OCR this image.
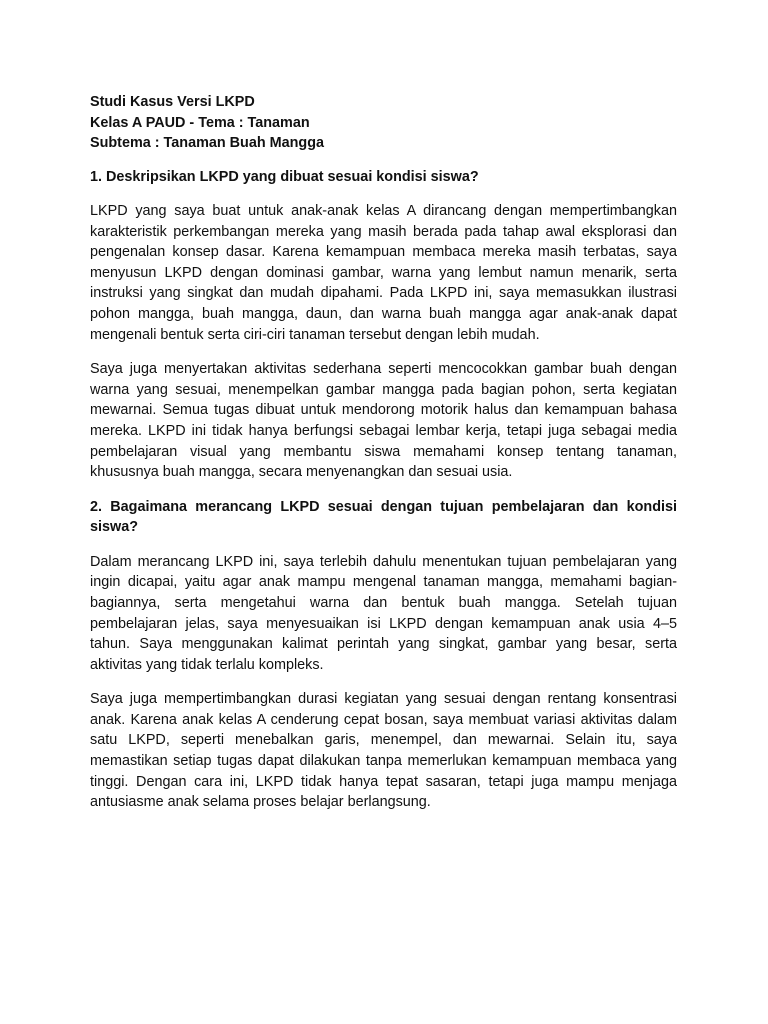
Studi Kasus Versi LKPD

Kelas A PAUD - Tema : Tanaman

Subtema : Tanaman Buah Mangga

1. Deskripsikan LKPD yang dibuat sesuai kondisi siswa?

LKPD yang saya buat untuk anak-anak kelas A dirancang dengan mempertimbangkan karakteristik perkembangan mereka yang masih berada pada tahap awal eksplorasi dan pengenalan konsep dasar. Karena kemampuan membaca mereka masih terbatas, saya menyusun LKPD dengan dominasi gambar, warna yang lembut namun menarik, serta instruksi yang singkat dan mudah dipahami. Pada LKPD ini, saya memasukkan ilustrasi pohon mangga, buah mangga, daun, dan warna buah mangga agar anak-anak dapat mengenali bentuk serta ciri-ciri tanaman tersebut dengan lebih mudah.

Saya juga menyertakan aktivitas sederhana seperti mencocokkan gambar buah dengan warna yang sesuai, menempelkan gambar mangga pada bagian pohon, serta kegiatan mewarnai. Semua tugas dibuat untuk mendorong motorik halus dan kemampuan bahasa mereka. LKPD ini tidak hanya berfungsi sebagai lembar kerja, tetapi juga sebagai media pembelajaran visual yang membantu siswa memahami konsep tentang tanaman, khususnya buah mangga, secara menyenangkan dan sesuai usia.

2. Bagaimana merancang LKPD sesuai dengan tujuan pembelajaran dan kondisi siswa?

Dalam merancang LKPD ini, saya terlebih dahulu menentukan tujuan pembelajaran yang ingin dicapai, yaitu agar anak mampu mengenal tanaman mangga, memahami bagian-bagiannya, serta mengetahui warna dan bentuk buah mangga. Setelah tujuan pembelajaran jelas, saya menyesuaikan isi LKPD dengan kemampuan anak usia 4–5 tahun. Saya menggunakan kalimat perintah yang singkat, gambar yang besar, serta aktivitas yang tidak terlalu kompleks.

Saya juga mempertimbangkan durasi kegiatan yang sesuai dengan rentang konsentrasi anak. Karena anak kelas A cenderung cepat bosan, saya membuat variasi aktivitas dalam satu LKPD, seperti menebalkan garis, menempel, dan mewarnai. Selain itu, saya memastikan setiap tugas dapat dilakukan tanpa memerlukan kemampuan membaca yang tinggi. Dengan cara ini, LKPD tidak hanya tepat sasaran, tetapi juga mampu menjaga antusiasme anak selama proses belajar berlangsung.
